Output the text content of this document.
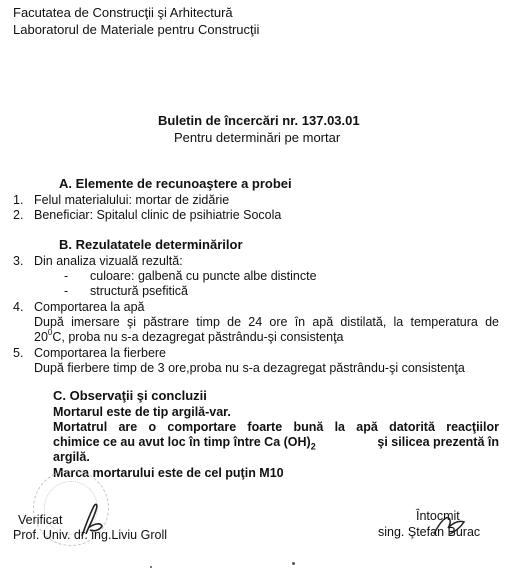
Facutatea de Construcţii şi Arhitectură
Laboratorul de Materiale pentru Construcţii
Buletin de încercări nr. 137.03.01
Pentru determinări pe mortar
A. Elemente de recunoaştere a probei
1. Felul materialului: mortar de zidărie
2. Beneficiar: Spitalul clinic de psihiatrie Socola
B. Rezulatatele determinărilor
3. Din analiza vizuală rezultă:
- culoare: galbenă cu puncte albe distincte
- structură psefitică
4. Comportarea la apă
După imersare şi păstrare timp de 24 ore în apă distilată, la temperatura de
$20^0C$, proba nu s-a dezagregat păstrându-şi consistenţa
5. Comportarea la fierbere
După fierbere timp de 3 ore,proba nu s-a dezagregat păstrându-şi consistenţa
C. Observaţii şi concluzii
Mortarul este de tip argilă-var.
Mortatrul are o comportare foarte bună la apă datorită reacţiilor
chimice ce au avut loc în timp între Ca $(OH)_2$	şi silicea prezentă în
argilă.
Marca mortarului este de cel puţin M10
Verificat
Prof. Univ. dr. ing.Liviu Groll
Întocmit
sing. Ştefan Burac
